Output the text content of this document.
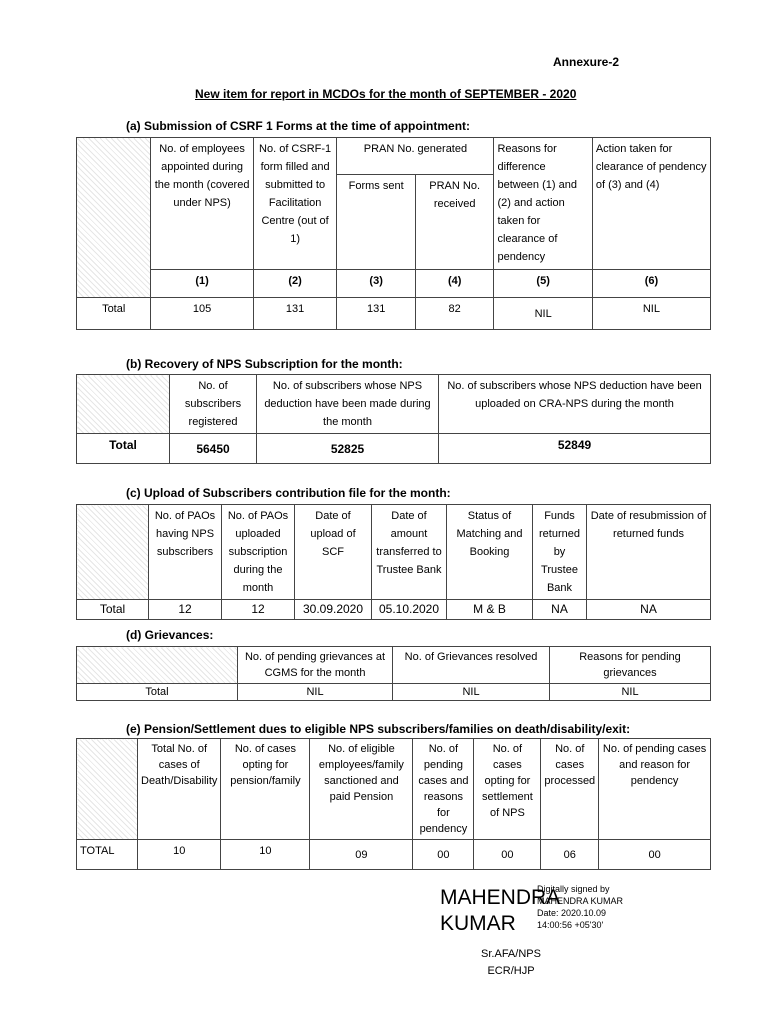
Annexure-2
New item for report in MCDOs for the month of SEPTEMBER - 2020
(a) Submission of CSRF 1 Forms at the time of appointment:
	No. of employees appointed during the month (covered under NPS)	No. of CSRF-1 form filled and submitted to Facilitation Centre (out of 1)	PRAN No. generated		Reasons for difference between (1) and (2) and action taken for clearance of pendency	Action taken for clearance of pendency of (3) and (4)
			Forms sent	PRAN No. received		
	(1)	(2)	(3)	(4)	(5)	(6)
Total	105	131	131	82	NIL	NIL
(b) Recovery of NPS Subscription for the month:
	No. of subscribers registered	No. of subscribers whose NPS deduction have been made during the month	No. of subscribers whose NPS deduction have been uploaded on CRA-NPS during the month
Total	56450	52825	52849
(c) Upload of Subscribers contribution file for the month:
	No. of PAOs having NPS subscribers	No. of PAOs uploaded subscription during the month	Date of upload of SCF	Date of amount transferred to Trustee Bank	Status of Matching and Booking	Funds returned by Trustee Bank	Date of resubmission of returned funds
Total	12	12	30.09.2020	05.10.2020	M & B	NA	NA
(d) Grievances:
	No. of pending grievances at CGMS for the month	No. of Grievances resolved	Reasons for pending grievances
Total	NIL	NIL	NIL
(e) Pension/Settlement dues to eligible NPS subscribers/families on death/disability/exit:
	Total No. of cases of Death/Disability	No. of cases opting for pension/family	No. of eligible employees/family sanctioned and paid Pension	No. of pending cases and reasons for pendency	No. of cases opting for settlement of NPS	No. of cases processed	No. of pending cases and reason for pendency
TOTAL	10	10	09	00	00	06	00
MAHENDRA KUMAR
Digitally signed by MAHENDRA KUMAR Date: 2020.10.09 14:00:56 +05'30'
Sr.AFA/NPS
ECR/HJP
